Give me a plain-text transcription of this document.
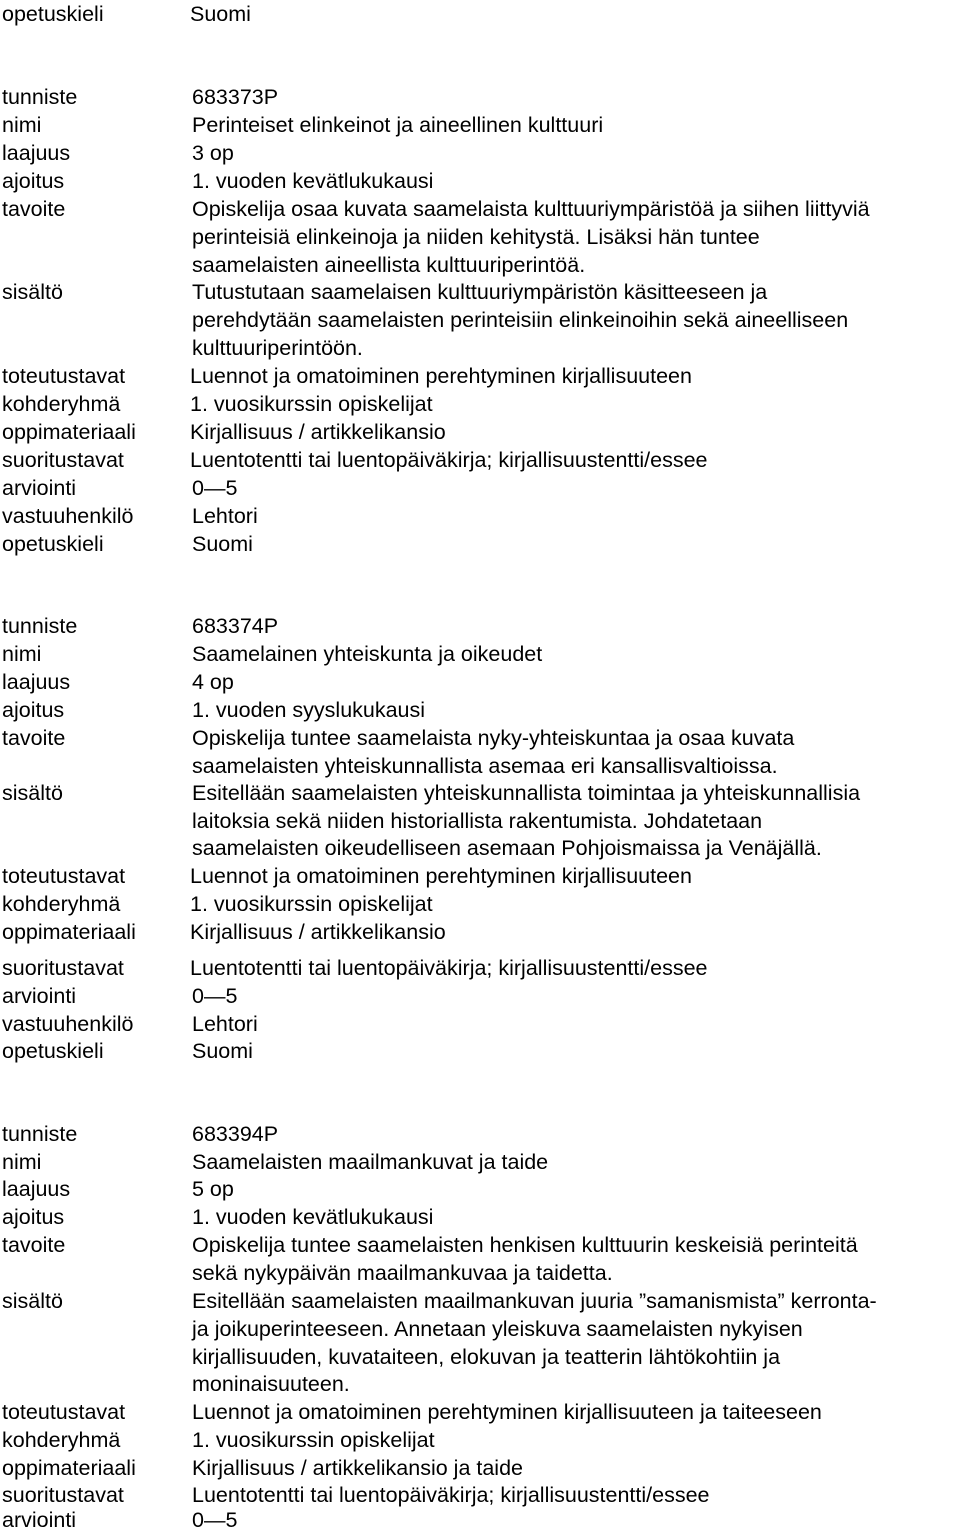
opetuskieli	Suomi
tunniste	683373P
nimi	Perinteiset elinkeinot ja aineellinen kulttuuri
laajuus	3 op
ajoitus	1. vuoden kevätlukukausi
tavoite	Opiskelija osaa kuvata saamelaista kulttuuriympäristöä ja siihen liittyviä
perinteisiä elinkeinoja ja niiden kehitystä. Lisäksi hän tuntee
saamelaisten aineellista kulttuuriperintöä.
sisältö	Tutustutaan saamelaisen kulttuuriympäristön käsitteeseen ja
perehdytään saamelaisten perinteisiin elinkeinoihin sekä aineelliseen
kulttuuriperintöön.
toteutustavat	Luennot ja omatoiminen perehtyminen kirjallisuuteen
kohderyhmä	1. vuosikurssin opiskelijat
oppimateriaali	Kirjallisuus / artikkelikansio
suoritustavat	Luentotentti tai luentopäiväkirja; kirjallisuustentti/essee
arviointi	0—5
vastuuhenkilö	Lehtori
opetuskieli	Suomi
tunniste	683374P
nimi	Saamelainen yhteiskunta ja oikeudet
laajuus	4 op
ajoitus	1. vuoden syyslukukausi
tavoite	Opiskelija tuntee saamelaista nyky-yhteiskuntaa ja osaa kuvata
saamelaisten yhteiskunnallista asemaa eri kansallisvaltioissa.
sisältö	Esitellään saamelaisten yhteiskunnallista toimintaa ja yhteiskunnallisia
laitoksia sekä niiden historiallista rakentumista. Johdatetaan
saamelaisten oikeudelliseen asemaan Pohjoismaissa ja Venäjällä.
toteutustavat	Luennot ja omatoiminen perehtyminen kirjallisuuteen
kohderyhmä	1. vuosikurssin opiskelijat
oppimateriaali	Kirjallisuus / artikkelikansio
suoritustavat	Luentotentti tai luentopäiväkirja; kirjallisuustentti/essee
arviointi	0—5
vastuuhenkilö	Lehtori
opetuskieli	Suomi
tunniste	683394P
nimi	Saamelaisten maailmankuvat ja taide
laajuus	5 op
ajoitus	1. vuoden kevätlukukausi
tavoite	Opiskelija tuntee saamelaisten henkisen kulttuurin keskeisiä perinteitä
sekä nykypäivän maailmankuvaa ja taidetta.
sisältö	Esitellään saamelaisten maailmankuvan juuria ”samanismista” kerronta-
ja joikuperinteeseen. Annetaan yleiskuva saamelaisten nykyisen
kirjallisuuden, kuvataiteen, elokuvan ja teatterin lähtökohtiin ja
moninaisuuteen.
toteutustavat	Luennot ja omatoiminen perehtyminen kirjallisuuteen ja taiteeseen
kohderyhmä	1. vuosikurssin opiskelijat
oppimateriaali	Kirjallisuus / artikkelikansio ja taide
suoritustavat	Luentotentti tai luentopäiväkirja; kirjallisuustentti/essee
arviointi	0—5
